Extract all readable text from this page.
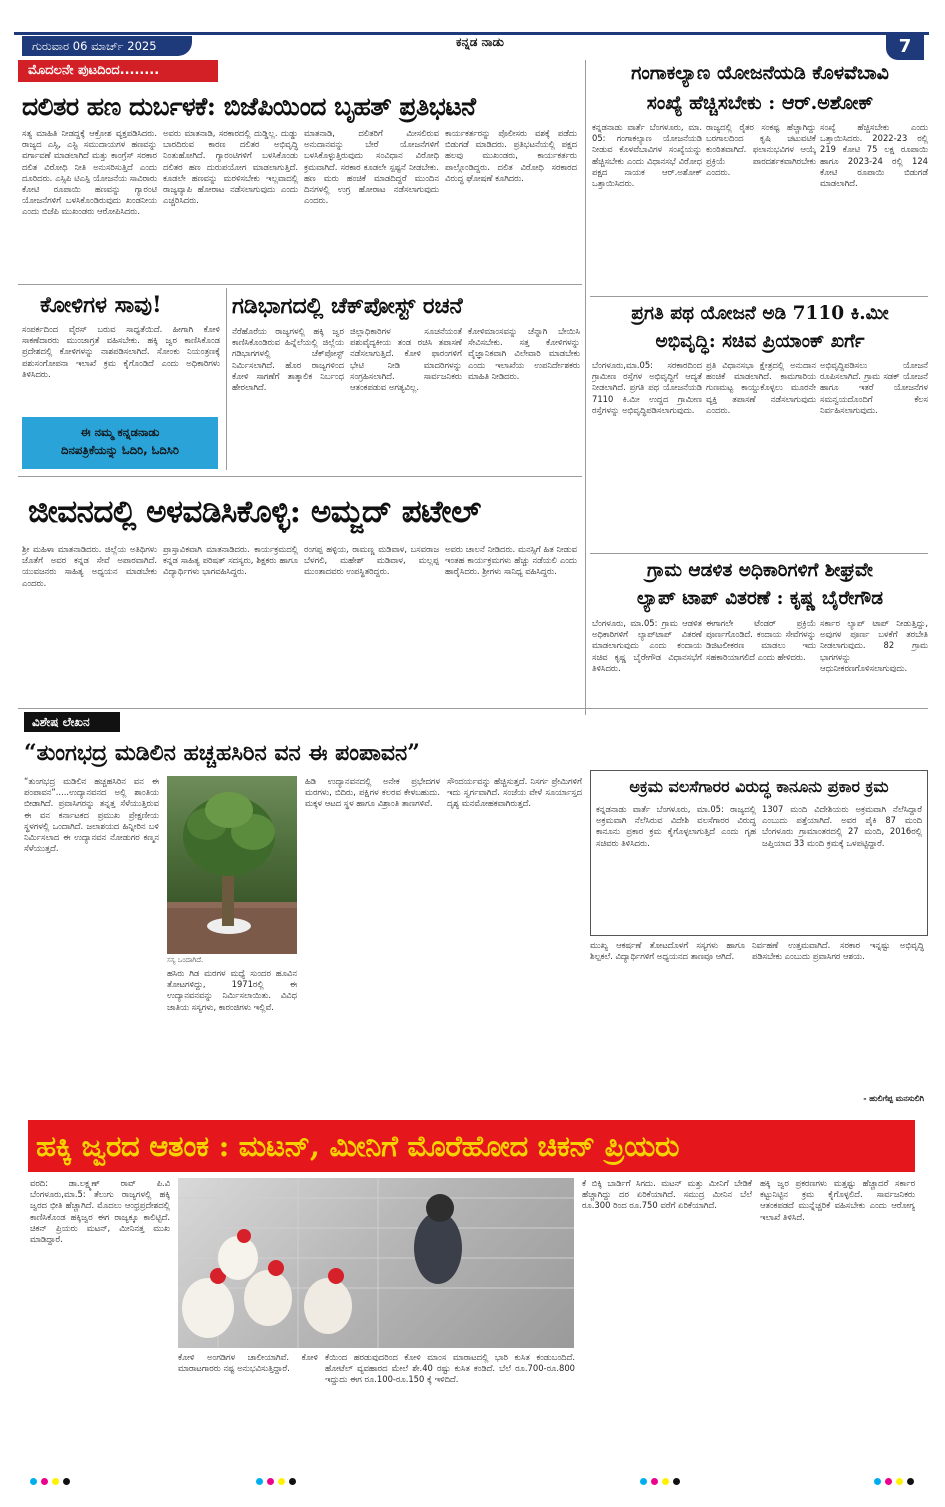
ಗುರುವಾರ 06 ಮಾರ್ಚ್ 2025	ಕನ್ನಡ ನಾಡು	7
ಮೊದಲನೇ ಪುಟದಿಂದ........
ದಲಿತರ ಹಣ ದುರ್ಬಳಕೆ: ಬಿಜೆಪಿಯಿಂದ ಬೃಹತ್ ಪ್ರತಿಭಟನೆ
ಸತ್ಯ ಮಾಹಿತಿ ನೀಡದ್ದಕ್ಕೆ ಆಕ್ರೋಶ ವ್ಯಕ್ತಪಡಿಸಿದರು. ರಾಜ್ಯದ ಎಸ್ಸಿ, ಎಸ್ಟಿ ಸಮುದಾಯಗಳ ಹಣವನ್ನು ವರ್ಗಾವಣೆ ಮಾಡಲಾಗಿದೆ ಮತ್ತು ಕಾಂಗ್ರೆಸ್ ಸರಕಾರ ದಲಿತ ವಿರೋಧಿ ನೀತಿ ಅನುಸರಿಸುತ್ತಿದೆ ಎಂದು ದೂರಿದರು. ಎಸ್ಸಿಪಿ ಟಿಎಸ್ಪಿ ಯೋಜನೆಯ ಸಾವಿರಾರು ಕೋಟಿ ರೂಪಾಯಿ ಹಣವನ್ನು ಗ್ಯಾರಂಟಿ ಯೋಜನೆಗಳಿಗೆ ಬಳಸಿಕೊಂಡಿರುವುದು ಖಂಡನೀಯ ಎಂದು ಬಿಜೆಪಿ ಮುಖಂಡರು ಆರೋಪಿಸಿದರು.
ಅವರು ಮಾತನಾಡಿ, ಸರಕಾರದಲ್ಲಿ ದುಡ್ಡಿಲ್ಲ. ದುಡ್ಡು ಬಾರದಿರುವ ಕಾರಣ ದಲಿತರ ಅಭಿವೃದ್ಧಿ ನಿಂತುಹೋಗಿದೆ. ಗ್ಯಾರಂಟಿಗಳಿಗೆ ಬಳಸಿಕೊಂಡು ದಲಿತರ ಹಣ ದುರುಪಯೋಗ ಮಾಡಲಾಗುತ್ತಿದೆ. ಕೂಡಲೇ ಹಣವನ್ನು ಮರಳಿಸಬೇಕು ಇಲ್ಲವಾದಲ್ಲಿ ರಾಜ್ಯವ್ಯಾಪಿ ಹೋರಾಟ ನಡೆಸಲಾಗುವುದು ಎಂದು ಎಚ್ಚರಿಸಿದರು.
ಮಾತನಾಡಿ, ದಲಿತರಿಗೆ ಮೀಸಲಿರುವ ಅನುದಾನವನ್ನು ಬೇರೆ ಯೋಜನೆಗಳಿಗೆ ಬಳಸಿಕೊಳ್ಳುತ್ತಿರುವುದು ಸಂವಿಧಾನ ವಿರೋಧಿ ಕ್ರಮವಾಗಿದೆ. ಸರಕಾರ ಕೂಡಲೇ ಸ್ಪಷ್ಟನೆ ನೀಡಬೇಕು. ಹಣ ಮರು ಹಂಚಿಕೆ ಮಾಡದಿದ್ದರೆ ಮುಂದಿನ ದಿನಗಳಲ್ಲಿ ಉಗ್ರ ಹೋರಾಟ ನಡೆಸಲಾಗುವುದು ಎಂದರು.
ಕಾರ್ಯಕರ್ತರನ್ನು ಪೊಲೀಸರು ವಶಕ್ಕೆ ಪಡೆದು ಬಿಡುಗಡೆ ಮಾಡಿದರು. ಪ್ರತಿಭಟನೆಯಲ್ಲಿ ಪಕ್ಷದ ಹಲವು ಮುಖಂಡರು, ಕಾರ್ಯಕರ್ತರು ಪಾಲ್ಗೊಂಡಿದ್ದರು. ದಲಿತ ವಿರೋಧಿ ಸರಕಾರದ ವಿರುದ್ಧ ಘೋಷಣೆ ಕೂಗಿದರು.
ಕೋಳಿಗಳ ಸಾವು!
ಸಂಪರ್ಕದಿಂದ ವೈರಸ್ ಬರುವ ಸಾಧ್ಯತೆಯಿದೆ. ಹೀಗಾಗಿ ಕೋಳಿ ಸಾಕಣೆದಾರರು ಮುಂಜಾಗ್ರತೆ ವಹಿಸಬೇಕು. ಹಕ್ಕಿ ಜ್ವರ ಕಾಣಿಸಿಕೊಂಡ ಪ್ರದೇಶದಲ್ಲಿ ಕೋಳಿಗಳನ್ನು ನಾಶಪಡಿಸಲಾಗಿದೆ. ಸೋಂಕು ನಿಯಂತ್ರಣಕ್ಕೆ ಪಶುಸಂಗೋಪನಾ ಇಲಾಖೆ ಕ್ರಮ ಕೈಗೊಂಡಿದೆ ಎಂದು ಅಧಿಕಾರಿಗಳು ತಿಳಿಸಿದರು.
ಈ ನಮ್ಮ ಕನ್ನಡನಾಡು
ದಿನಪತ್ರಿಕೆಯನ್ನು ಓದಿರಿ, ಓದಿಸಿರಿ
ಗಡಿಭಾಗದಲ್ಲಿ ಚೆಕ್‌ಪೋಸ್ಟ್ ರಚನೆ
ನೆರೆಹೊರೆಯ ರಾಜ್ಯಗಳಲ್ಲಿ ಹಕ್ಕಿ ಜ್ವರ ಕಾಣಿಸಿಕೊಂಡಿರುವ ಹಿನ್ನೆಲೆಯಲ್ಲಿ ಜಿಲ್ಲೆಯ ಗಡಿಭಾಗಗಳಲ್ಲಿ ಚೆಕ್‌ಪೋಸ್ಟ್ ನಿರ್ಮಿಸಲಾಗಿದೆ. ಹೊರ ರಾಜ್ಯಗಳಿಂದ ಕೋಳಿ ಸಾಗಣೆಗೆ ತಾತ್ಕಾಲಿಕ ನಿರ್ಬಂಧ ಹೇರಲಾಗಿದೆ.
ಜಿಲ್ಲಾಧಿಕಾರಿಗಳ ಸೂಚನೆಯಂತೆ ಪಶುವೈದ್ಯಕೀಯ ತಂಡ ರಚಿಸಿ ತಪಾಸಣೆ ನಡೆಸಲಾಗುತ್ತಿದೆ. ಕೋಳಿ ಫಾರಂಗಳಿಗೆ ಭೇಟಿ ನೀಡಿ ಮಾದರಿಗಳನ್ನು ಸಂಗ್ರಹಿಸಲಾಗಿದೆ. ಸಾರ್ವಜನಿಕರು ಆತಂಕಪಡುವ ಅಗತ್ಯವಿಲ್ಲ.
ಕೋಳಿಮಾಂಸವನ್ನು ಚೆನ್ನಾಗಿ ಬೇಯಿಸಿ ಸೇವಿಸಬೇಕು. ಸತ್ತ ಕೋಳಿಗಳನ್ನು ವೈಜ್ಞಾನಿಕವಾಗಿ ವಿಲೇವಾರಿ ಮಾಡಬೇಕು ಎಂದು ಇಲಾಖೆಯ ಉಪನಿರ್ದೇಶಕರು ಮಾಹಿತಿ ನೀಡಿದರು.
ಜೀವನದಲ್ಲಿ ಅಳವಡಿಸಿಕೊಳ್ಳಿ: ಅಮ್ಜದ್ ಪಟೇಲ್
ಶ್ರೀ ಮಹಿಳಾ ಮಾತನಾಡಿದರು. ಜಿಲ್ಲೆಯ ಅತಿಥಿಗಳು ಜೊತೆಗೆ ಅವರ ಕನ್ನಡ ಸೇವೆ ಅಪಾರವಾಗಿದೆ. ಯುವಜನರು ಸಾಹಿತ್ಯ ಅಧ್ಯಯನ ಮಾಡಬೇಕು ಎಂದರು.
ಪ್ರಾಸ್ತಾವಿಕವಾಗಿ ಮಾತನಾಡಿದರು. ಕಾರ್ಯಕ್ರಮದಲ್ಲಿ ಕನ್ನಡ ಸಾಹಿತ್ಯ ಪರಿಷತ್ ಸದಸ್ಯರು, ಶಿಕ್ಷಕರು ಹಾಗೂ ವಿದ್ಯಾರ್ಥಿಗಳು ಭಾಗವಹಿಸಿದ್ದರು.
ರಂಗಪ್ಪ ಹಳ್ಳಿಯ, ರಾಮಣ್ಣ ಮಡಿವಾಳ, ಬಸವರಾಜ ಬೆಳಗಲಿ, ಮಹೇಶ್ ಮಡಿವಾಳ, ಮಲ್ಲಪ್ಪ ಮುಂತಾದವರು ಉಪಸ್ಥಿತರಿದ್ದರು.
ಅವರು ಚಾಲನೆ ನೀಡಿದರು. ಮನಸ್ಸಿಗೆ ಹಿತ ನೀಡುವ ಇಂತಹ ಕಾರ್ಯಕ್ರಮಗಳು ಹೆಚ್ಚು ನಡೆಯಲಿ ಎಂದು ಹಾರೈಸಿದರು. ಶ್ರೀಗಳು ಸಾನಿಧ್ಯ ವಹಿಸಿದ್ದರು.
ವಿಶೇಷ ಲೇಖನ
“ತುಂಗಭದ್ರ ಮಡಿಲಿನ ಹಚ್ಚಹಸಿರಿನ ವನ ಈ ಪಂಪಾವನ”
“ತುಂಗಭದ್ರ ಮಡಿಲಿನ ಹಚ್ಚಹಸಿರಿನ ವನ ಈ ಪಂಪಾವನ”.....ಉದ್ಯಾನವನದ ಅಲ್ಲಿ ಶಾಂತಿಯ ಬೀಡಾಗಿದೆ. ಪ್ರವಾಸಿಗರನ್ನು ತನ್ನತ್ತ ಸೆಳೆಯುತ್ತಿರುವ ಈ ವನ ಕರ್ನಾಟಕದ ಪ್ರಮುಖ ಪ್ರೇಕ್ಷಣೀಯ ಸ್ಥಳಗಳಲ್ಲಿ ಒಂದಾಗಿದೆ. ಜಲಾಶಯದ ಹಿನ್ನೀರಿನ ಬಳಿ ನಿರ್ಮಿಸಲಾದ ಈ ಉದ್ಯಾನವನ ನೋಡುಗರ ಕಣ್ಮನ ಸೆಳೆಯುತ್ತದೆ.
ಸಸ್ಯ ಒಂದಾಗಿದೆ.
ಹಸಿರು ಗಿಡ ಮರಗಳ ಮಧ್ಯೆ ಸುಂದರ ಹೂವಿನ ತೋಟಗಳಿದ್ದು, 1971ರಲ್ಲಿ ಈ ಉದ್ಯಾನವನವನ್ನು ನಿರ್ಮಿಸಲಾಯಿತು. ವಿವಿಧ ಜಾತಿಯ ಸಸ್ಯಗಳು, ಕಾರಂಜಿಗಳು ಇಲ್ಲಿವೆ.
ಹಿಡಿ ಉದ್ಯಾನವನದಲ್ಲಿ ಅನೇಕ ಪ್ರಭೇದಗಳ ಮರಗಳು, ಬಿದಿರು, ಪಕ್ಷಿಗಳ ಕಲರವ ಕೇಳಬಹುದು. ಮಕ್ಕಳ ಆಟದ ಸ್ಥಳ ಹಾಗೂ ವಿಶ್ರಾಂತಿ ತಾಣಗಳಿವೆ.
ಸೌಂದರ್ಯವನ್ನು ಹೆಚ್ಚಿಸುತ್ತದೆ. ನಿಸರ್ಗ ಪ್ರೇಮಿಗಳಿಗೆ ಇದು ಸ್ವರ್ಗವಾಗಿದೆ. ಸಂಜೆಯ ವೇಳೆ ಸೂರ್ಯಾಸ್ತದ ದೃಶ್ಯ ಮನಮೋಹಕವಾಗಿರುತ್ತದೆ.
ಮುಖ್ಯ ಆಕರ್ಷಣೆ ತೋಟದೊಳಗೆ ಸಸ್ಯಗಳು ಹಾಗೂ ಶಿಲ್ಪಕಲೆ. ವಿದ್ಯಾರ್ಥಿಗಳಿಗೆ ಅಧ್ಯಯನದ ತಾಣವೂ ಆಗಿದೆ.
ನಿರ್ವಹಣೆ ಉತ್ತಮವಾಗಿದೆ. ಸರಕಾರ ಇನ್ನಷ್ಟು ಅಭಿವೃದ್ಧಿ ಪಡಿಸಬೇಕು ಎಂಬುದು ಪ್ರವಾಸಿಗರ ಆಶಯ.
- ಹುಲಿಗೆಪ್ಪ ಮನಸುಲಿಗಿ
ಗಂಗಾಕಲ್ಯಾಣ ಯೋಜನೆಯಡಿ ಕೊಳವೆಬಾವಿ
ಸಂಖ್ಯೆ ಹೆಚ್ಚಿಸಬೇಕು : ಆರ್.ಅಶೋಕ್
ಕನ್ನಡನಾಡು ವಾರ್ತೆ ಬೆಂಗಳೂರು, ಮಾ. 05: ಗಂಗಾಕಲ್ಯಾಣ ಯೋಜನೆಯಡಿ ನೀಡುವ ಕೊಳವೆಬಾವಿಗಳ ಸಂಖ್ಯೆಯನ್ನು ಹೆಚ್ಚಿಸಬೇಕು ಎಂದು ವಿಧಾನಸಭೆ ವಿರೋಧ ಪಕ್ಷದ ನಾಯಕ ಆರ್.ಅಶೋಕ್ ಒತ್ತಾಯಿಸಿದರು.
ರಾಜ್ಯದಲ್ಲಿ ರೈತರ ಸಂಕಷ್ಟ ಹೆಚ್ಚಾಗಿದ್ದು ಬರಗಾಲದಿಂದ ಕೃಷಿ ಚಟುವಟಿಕೆ ಕುಂಠಿತವಾಗಿದೆ. ಫಲಾನುಭವಿಗಳ ಆಯ್ಕೆ ಪ್ರಕ್ರಿಯೆ ಪಾರದರ್ಶಕವಾಗಿರಬೇಕು ಎಂದರು.
ಸಂಖ್ಯೆ ಹೆಚ್ಚಿಸಬೇಕು ಎಂದು ಒತ್ತಾಯಿಸಿದರು. 2022-23 ರಲ್ಲಿ 219 ಕೋಟಿ 75 ಲಕ್ಷ ರೂಪಾಯಿ ಹಾಗೂ 2023-24 ರಲ್ಲಿ 124 ಕೋಟಿ ರೂಪಾಯಿ ಬಿಡುಗಡೆ ಮಾಡಲಾಗಿದೆ.
ಪ್ರಗತಿ ಪಥ ಯೋಜನೆ ಅಡಿ 7110 ಕಿ.ಮೀ
ಅಭಿವೃದ್ಧಿ: ಸಚಿವ ಪ್ರಿಯಾಂಕ್ ಖರ್ಗೆ
ಬೆಂಗಳೂರು,ಮಾ.05: ಸರಕಾರದಿಂದ ಗ್ರಾಮೀಣ ರಸ್ತೆಗಳ ಅಭಿವೃದ್ಧಿಗೆ ಆದ್ಯತೆ ನೀಡಲಾಗಿದೆ. ಪ್ರಗತಿ ಪಥ ಯೋಜನೆಯಡಿ 7110 ಕಿ.ಮೀ ಉದ್ದದ ಗ್ರಾಮೀಣ ರಸ್ತೆಗಳನ್ನು ಅಭಿವೃದ್ಧಿಪಡಿಸಲಾಗುವುದು.
ಪ್ರತಿ ವಿಧಾನಸಭಾ ಕ್ಷೇತ್ರದಲ್ಲಿ ಅನುದಾನ ಹಂಚಿಕೆ ಮಾಡಲಾಗಿದೆ. ಕಾಮಗಾರಿಯ ಗುಣಮಟ್ಟ ಕಾಯ್ದುಕೊಳ್ಳಲು ಮೂರನೇ ವ್ಯಕ್ತಿ ತಪಾಸಣೆ ನಡೆಸಲಾಗುವುದು ಎಂದರು.
ಅಭಿವೃದ್ಧಿಪಡಿಸಲು ಯೋಜನೆ ರೂಪಿಸಲಾಗಿದೆ. ಗ್ರಾಮ ಸಡಕ್ ಯೋಜನೆ ಹಾಗೂ ಇತರೆ ಯೋಜನೆಗಳ ಸಮನ್ವಯದೊಂದಿಗೆ ಕೆಲಸ ನಿರ್ವಹಿಸಲಾಗುವುದು.
ಗ್ರಾಮ ಆಡಳಿತ ಅಧಿಕಾರಿಗಳಿಗೆ ಶೀಘ್ರವೇ
ಲ್ಯಾಪ್ ಟಾಪ್ ವಿತರಣೆ : ಕೃಷ್ಣ ಬೈರೇಗೌಡ
ಬೆಂಗಳೂರು, ಮಾ.05: ಗ್ರಾಮ ಆಡಳಿತ ಅಧಿಕಾರಿಗಳಿಗೆ ಲ್ಯಾಪ್‌ಟಾಪ್ ವಿತರಣೆ ಮಾಡಲಾಗುವುದು ಎಂದು ಕಂದಾಯ ಸಚಿವ ಕೃಷ್ಣ ಬೈರೇಗೌಡ ವಿಧಾನಸಭೆಗೆ ತಿಳಿಸಿದರು.
ಈಗಾಗಲೇ ಟೆಂಡರ್ ಪ್ರಕ್ರಿಯೆ ಪೂರ್ಣಗೊಂಡಿದೆ. ಕಂದಾಯ ಸೇವೆಗಳನ್ನು ಡಿಜಿಟಲೀಕರಣ ಮಾಡಲು ಇದು ಸಹಕಾರಿಯಾಗಲಿದೆ ಎಂದು ಹೇಳಿದರು.
ಸರ್ಕಾರ ಲ್ಯಾಪ್ ಟಾಪ್ ನೀಡುತ್ತಿದ್ದು, ಅವುಗಳ ಪೂರ್ಣ ಬಳಕೆಗೆ ತರಬೇತಿ ನೀಡಲಾಗುವುದು. 82 ಗ್ರಾಮ ಭಾಗಗಳನ್ನು ಆಧುನೀಕರಣಗೊಳಿಸಲಾಗುವುದು.
ಅಕ್ರಮ ವಲಸೆಗಾರರ ವಿರುದ್ಧ ಕಾನೂನು ಪ್ರಕಾರ ಕ್ರಮ
ಕನ್ನಡನಾಡು ವಾರ್ತೆ ಬೆಂಗಳೂರು, ಮಾ.05: ರಾಜ್ಯದಲ್ಲಿ ಅಕ್ರಮವಾಗಿ ನೆಲೆಸಿರುವ ವಿದೇಶಿ ವಲಸೆಗಾರರ ವಿರುದ್ಧ ಕಾನೂನು ಪ್ರಕಾರ ಕ್ರಮ ಕೈಗೊಳ್ಳಲಾಗುತ್ತಿದೆ ಎಂದು ಗೃಹ ಸಚಿವರು ತಿಳಿಸಿದರು.
1307 ಮಂದಿ ವಿದೇಶಿಯರು ಅಕ್ರಮವಾಗಿ ನೆಲೆಸಿದ್ದಾರೆ ಎಂಬುದು ಪತ್ತೆಯಾಗಿದೆ. ಅವರ ಪೈಕಿ 87 ಮಂದಿ ಬೆಂಗಳೂರು ಗ್ರಾಮಾಂತರದಲ್ಲಿ 27 ಮಂದಿ, 2016ರಲ್ಲಿ ಜಪ್ತಿಯಾದ 33 ಮಂದಿ ಕ್ರಮಕ್ಕೆ ಒಳಪಟ್ಟಿದ್ದಾರೆ.
ಹಕ್ಕಿ ಜ್ವರದ ಆತಂಕ : ಮಟನ್, ಮೀನಿಗೆ ಮೊರೆಹೋದ ಚಿಕನ್ ಪ್ರಿಯರು
ವರದಿ: ಡಾ.ಲಕ್ಷ್ಮಣ್ ರಾವ್ ಪಿ.ವಿ ಬೆಂಗಳೂರು,ಮಾ.5: ತೆಲುಗು ರಾಜ್ಯಗಳಲ್ಲಿ ಹಕ್ಕಿ ಜ್ವರದ ಭೀತಿ ಹೆಚ್ಚಾಗಿದೆ. ಮೊದಲು ಆಂಧ್ರಪ್ರದೇಶದಲ್ಲಿ ಕಾಣಿಸಿಕೊಂಡ ಹಕ್ಕಿಜ್ವರ ಈಗ ರಾಜ್ಯಕ್ಕೂ ಕಾಲಿಟ್ಟಿದೆ. ಚಿಕನ್ ಪ್ರಿಯರು ಮಟನ್, ಮೀನಿನತ್ತ ಮುಖ ಮಾಡಿದ್ದಾರೆ.
ಕೋಳಿ ಅಂಗಡಿಗಳ ಚಾಲೀಯಾಗಿವೆ. ಕೋಳಿ ಮಾರಾಟಗಾರರು ನಷ್ಟ ಅನುಭವಿಸುತ್ತಿದ್ದಾರೆ.
ಕೆಯಿಂದ ಹರಡುವುದರಿಂದ ಕೋಳಿ ಮಾಂಸ ಮಾರಾಟದಲ್ಲಿ ಭಾರಿ ಕುಸಿತ ಕಂಡುಬಂದಿದೆ. ಹೋಟೆಲ್ ವ್ಯವಹಾರದ ಮೇಲೆ ಶೇ.40 ರಷ್ಟು ಕುಸಿತ ಕಂಡಿದೆ. ಬೆಲೆ ರೂ.700-ರೂ.800 ಇದ್ದುದು ಈಗ ರೂ.100-ರೂ.150 ಕ್ಕೆ ಇಳಿದಿದೆ.
ಕೆ ಬಿಕ್ಕಿ ಬಾರ್ಡಿಗೆ ಸಿಗದು. ಮಟನ್ ಮತ್ತು ಮೀನಿಗೆ ಬೇಡಿಕೆ ಹೆಚ್ಚಾಗಿದ್ದು ದರ ಏರಿಕೆಯಾಗಿದೆ. ಸಮುದ್ರ ಮೀನಿನ ಬೆಲೆ ರೂ.300 ರಿಂದ ರೂ.750 ವರೆಗೆ ಏರಿಕೆಯಾಗಿದೆ.
ಹಕ್ಕಿ ಜ್ವರ ಪ್ರಕರಣಗಳು ಮತ್ತಷ್ಟು ಹೆಚ್ಚಾದರೆ ಸರ್ಕಾರ ಕಟ್ಟುನಿಟ್ಟಿನ ಕ್ರಮ ಕೈಗೊಳ್ಳಲಿದೆ. ಸಾರ್ವಜನಿಕರು ಆತಂಕಪಡದೆ ಮುನ್ನೆಚ್ಚರಿಕೆ ವಹಿಸಬೇಕು ಎಂದು ಆರೋಗ್ಯ ಇಲಾಖೆ ತಿಳಿಸಿದೆ.
